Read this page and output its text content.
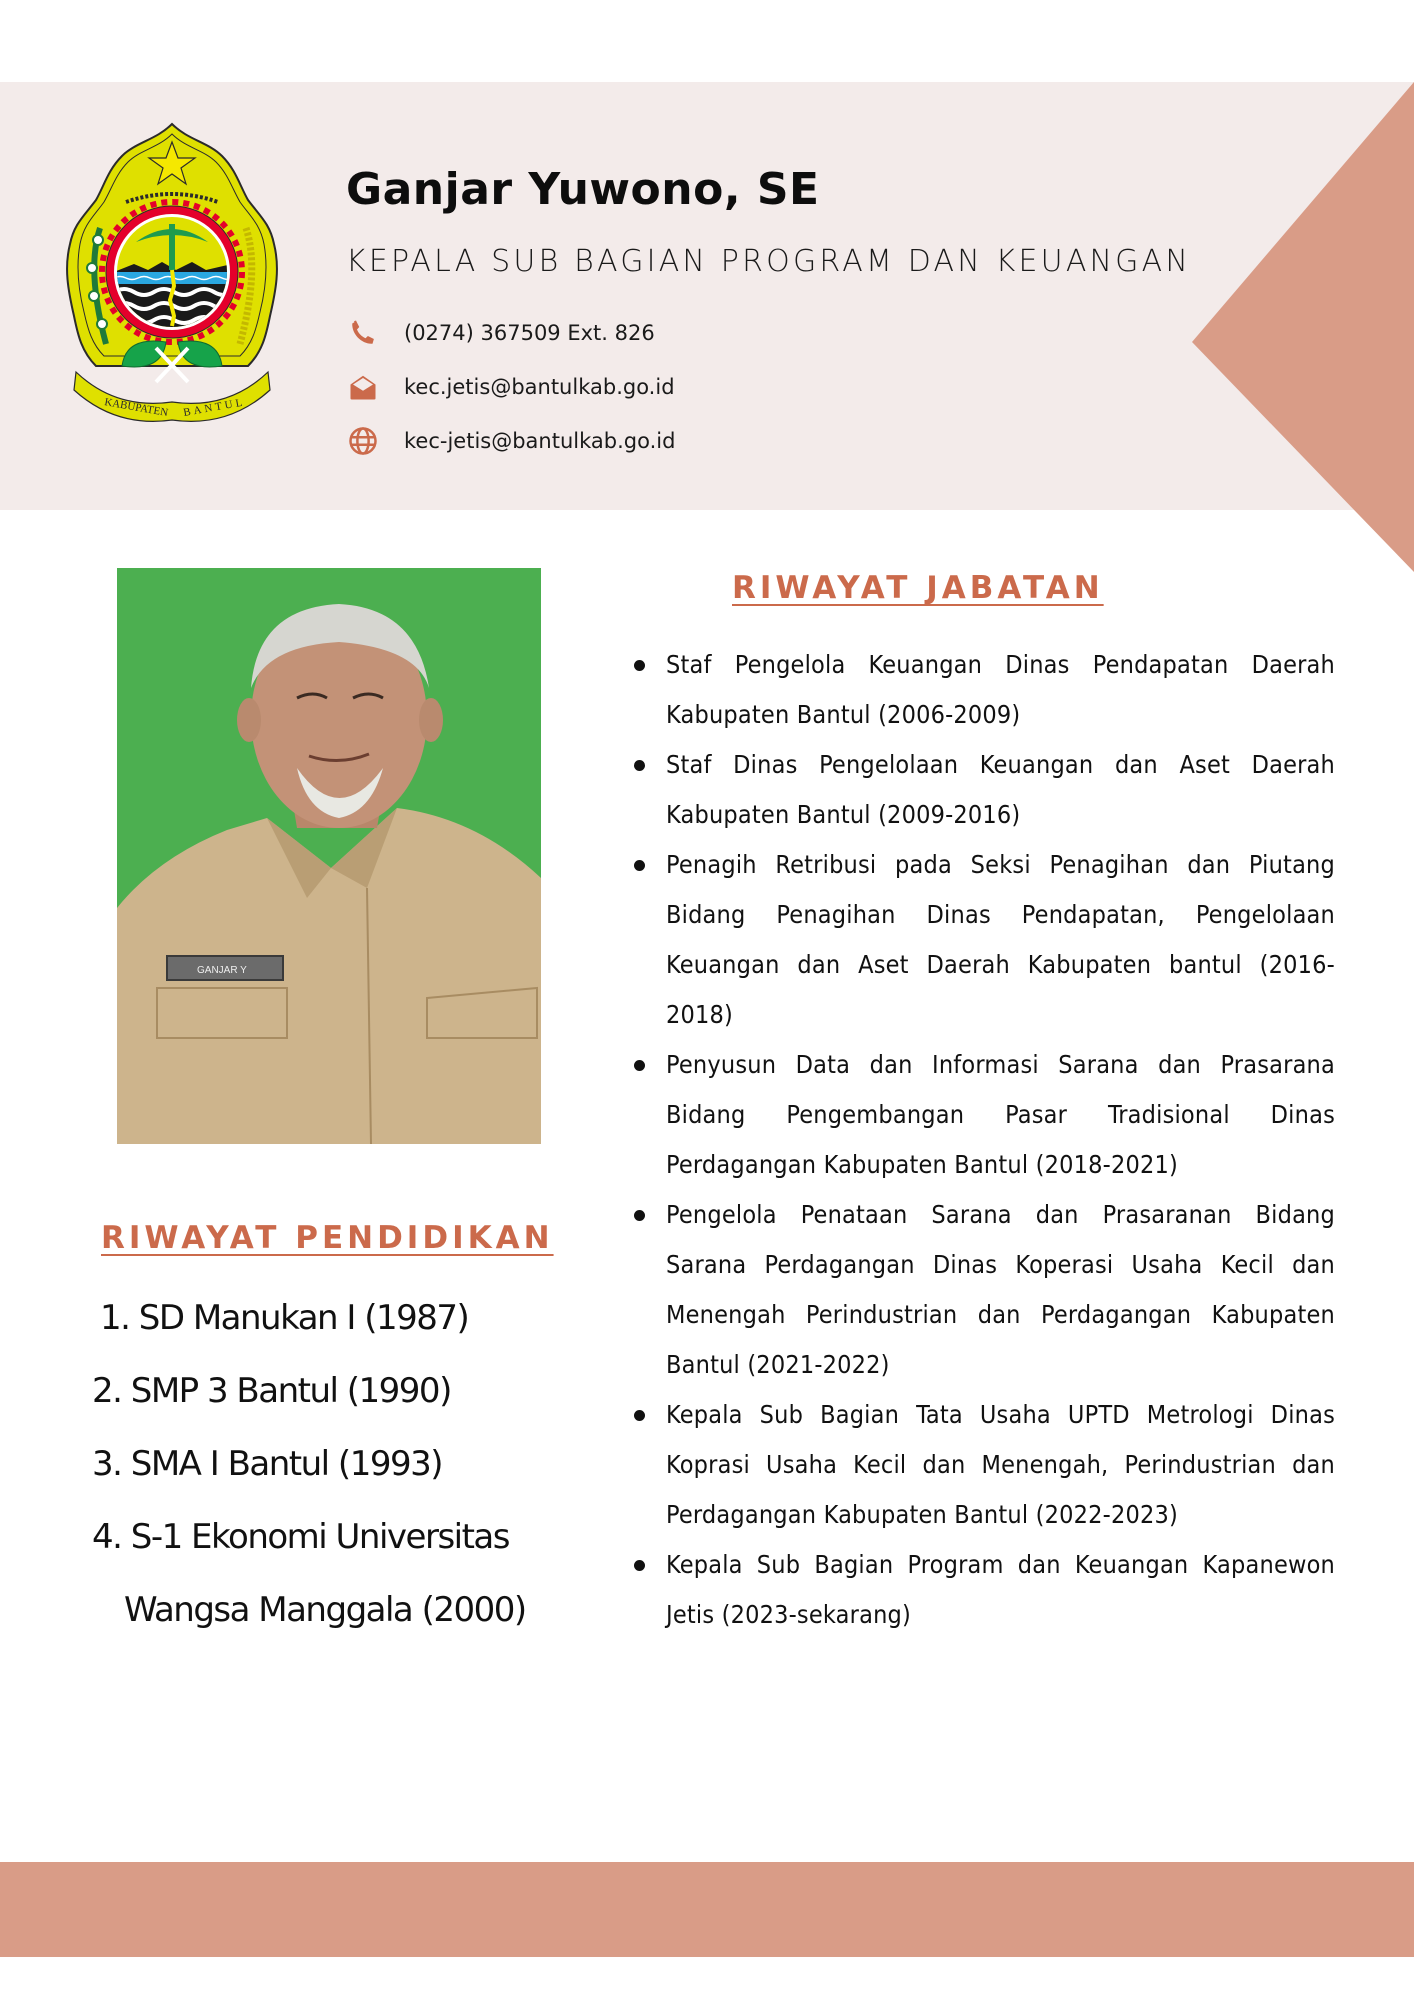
KABUPATEN BANTUL
Ganjar Yuwono, SE
KEPALA SUB BAGIAN PROGRAM DAN KEUANGAN
(0274) 367509 Ext. 826
kec.jetis@bantulkab.go.id
kec-jetis@bantulkab.go.id
GANJAR Y
RIWAYAT PENDIDIKAN
1. SD Manukan I (1987)
2. SMP 3 Bantul (1990)
3. SMA I Bantul (1993)
4. S-1 Ekonomi Universitas
Wangsa Manggala (2000)
RIWAYAT JABATAN
Staf Pengelola Keuangan Dinas Pendapatan Daerah Kabupaten Bantul (2006-2009)
Staf Dinas Pengelolaan Keuangan dan Aset Daerah Kabupaten Bantul (2009-2016)
Penagih Retribusi pada Seksi Penagihan dan Piutang Bidang Penagihan Dinas Pendapatan, Pengelolaan Keuangan dan Aset Daerah Kabupaten bantul (2016-2018)
Penyusun Data dan Informasi Sarana dan Prasarana Bidang Pengembangan Pasar Tradisional Dinas Perdagangan Kabupaten Bantul (2018-2021)
Pengelola Penataan Sarana dan Prasaranan Bidang Sarana Perdagangan Dinas Koperasi Usaha Kecil dan Menengah Perindustrian dan Perdagangan Kabupaten Bantul (2021-2022)
Kepala Sub Bagian Tata Usaha UPTD Metrologi Dinas Koprasi Usaha Kecil dan Menengah, Perindustrian dan Perdagangan Kabupaten Bantul (2022-2023)
Kepala Sub Bagian Program dan Keuangan Kapanewon Jetis (2023-sekarang)
